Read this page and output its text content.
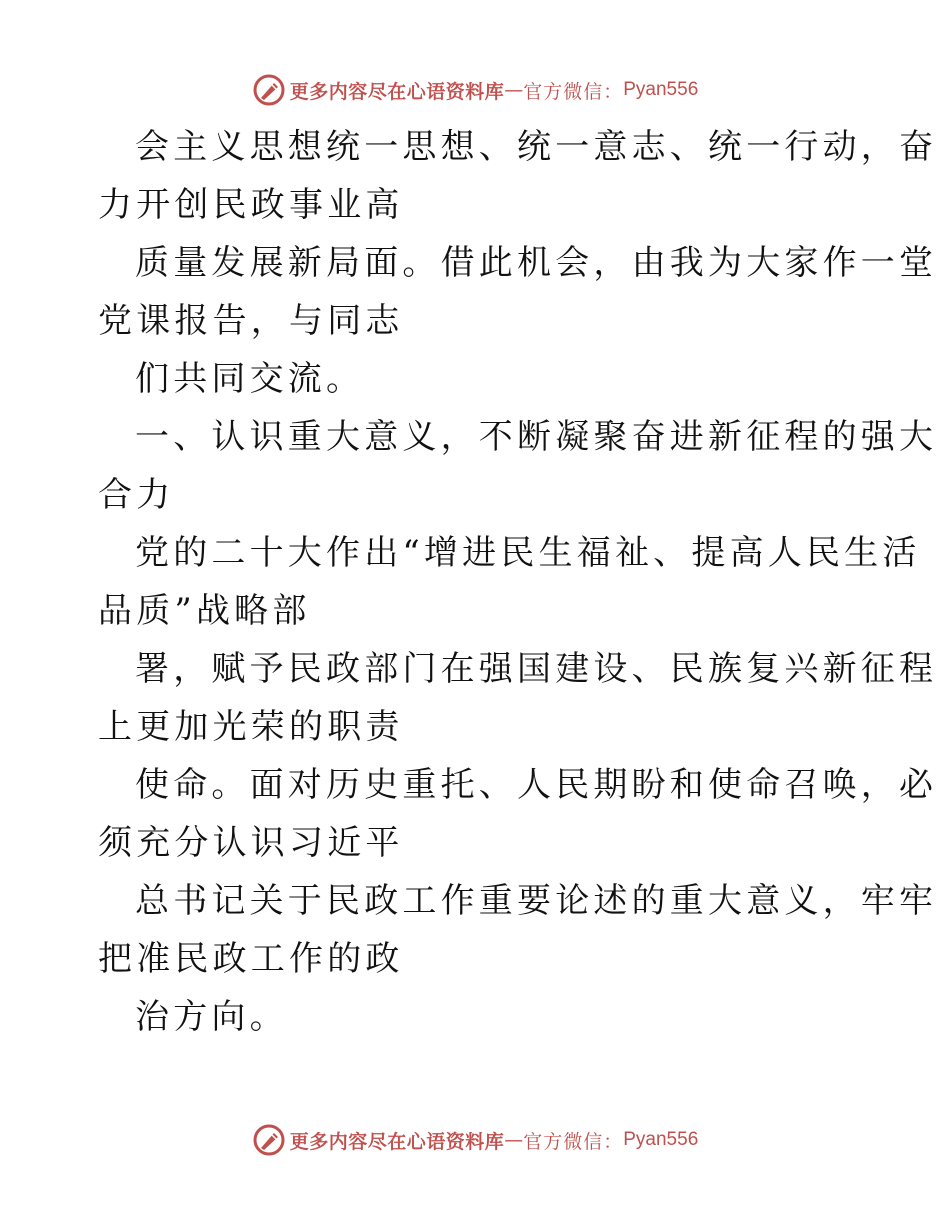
更多内容尽在心语资料库 — 官方微信： Pyan556
会主义思想统一思想、统一意志、统一行动，奋
力开创民政事业高
质量发展新局面。借此机会，由我为大家作一堂
党课报告，与同志
们共同交流。
一、认识重大意义，不断凝聚奋进新征程的强大
合力
党的二十大作出“增进民生福祉、提高人民生活
品质”战略部
署，赋予民政部门在强国建设、民族复兴新征程
上更加光荣的职责
使命。面对历史重托、人民期盼和使命召唤，必
须充分认识习近平
总书记关于民政工作重要论述的重大意义，牢牢
把准民政工作的政
治方向。
更多内容尽在心语资料库 — 官方微信： Pyan556
